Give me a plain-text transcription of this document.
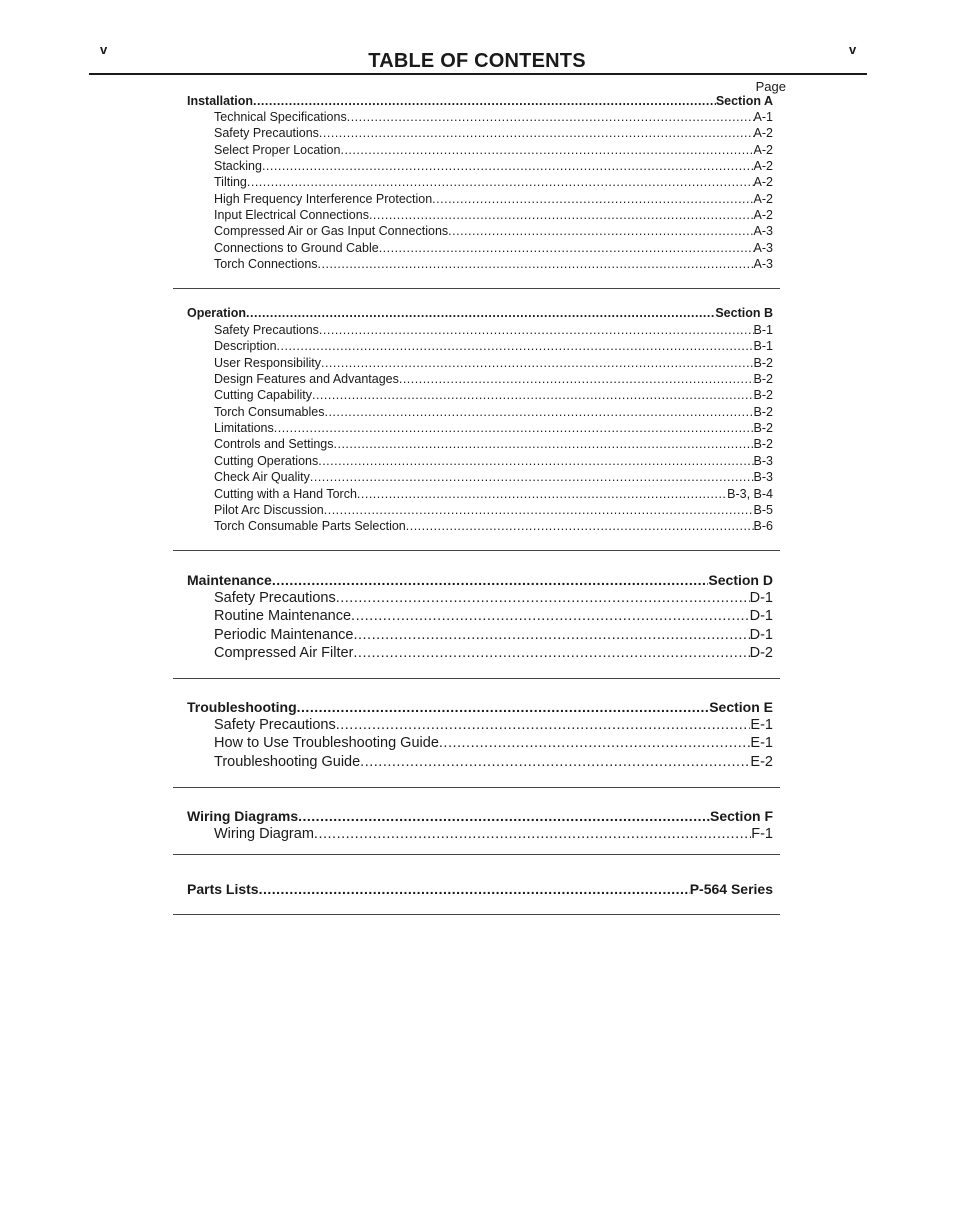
v	v
TABLE OF CONTENTS
Page
Installation .....	Section A
Technical Specifications .....	A-1
Safety Precautions .....	A-2
Select Proper Location .....	A-2
Stacking .....	A-2
Tilting .....	A-2
High Frequency Interference Protection .....	A-2
Input Electrical Connections .....	A-2
Compressed Air or Gas Input Connections .....	A-3
Connections to Ground Cable .....	A-3
Torch Connections .....	A-3
Operation .....	Section B
Safety Precautions .....	B-1
Description .....	B-1
User Responsibility .....	B-2
Design Features and Advantages .....	B-2
Cutting Capability .....	B-2
Torch Consumables .....	B-2
Limitations .....	B-2
Controls and Settings .....	B-2
Cutting Operations .....	B-3
Check Air Quality .....	B-3
Cutting with a Hand Torch .....	B-3, B-4
Pilot Arc Discussion .....	B-5
Torch Consumable Parts Selection .....	B-6
Maintenance .....	Section D
Safety Precautions .....	D-1
Routine Maintenance .....	D-1
Periodic Maintenance .....	D-1
Compressed Air Filter .....	D-2
Troubleshooting .....	Section E
Safety Precautions .....	E-1
How to Use Troubleshooting Guide .....	E-1
Troubleshooting Guide .....	E-2
Wiring Diagrams .....	Section F
Wiring Diagram .....	F-1
Parts Lists .....	P-564 Series
